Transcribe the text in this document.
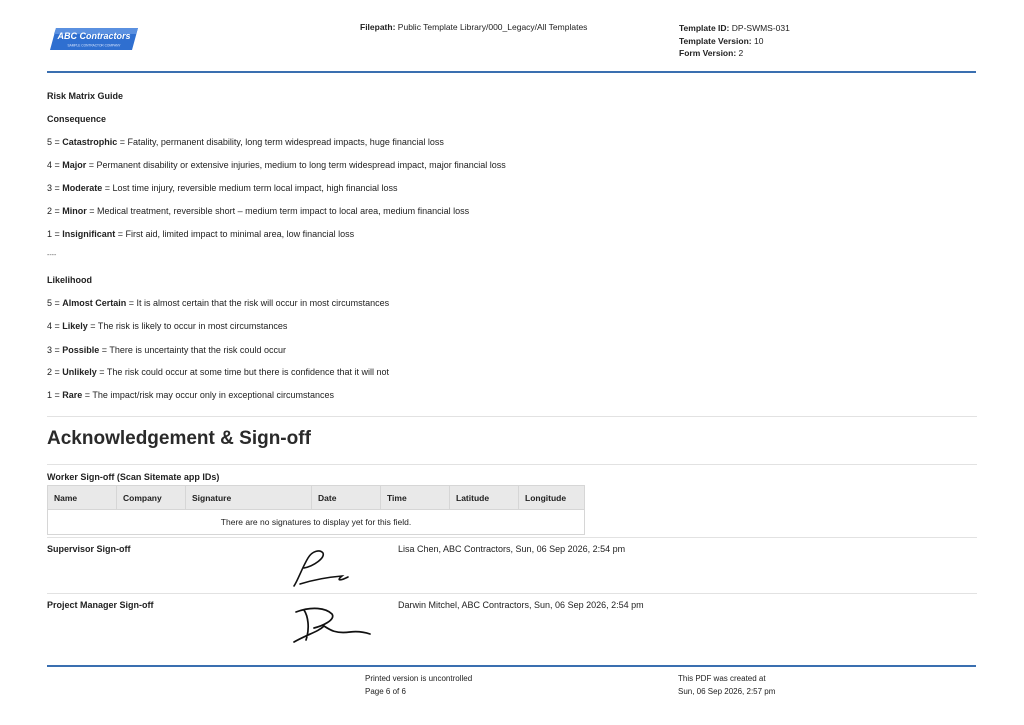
ABC Contractors
SAMPLE CONTRACTOR COMPANY
Filepath: Public Template Library/000_Legacy/All Templates	Template ID: DP-SWMS-031
Template Version: 10
Form Version: 2
Risk Matrix Guide
Consequence
5 = Catastrophic = Fatality, permanent disability, long term widespread impacts, huge financial loss
4 = Major = Permanent disability or extensive injuries, medium to long term widespread impact, major financial loss
3 = Moderate = Lost time injury, reversible medium term local impact, high financial loss
2 = Minor = Medical treatment, reversible short – medium term impact to local area, medium financial loss
1 = Insignificant = First aid, limited impact to minimal area, low financial loss
----
Likelihood
5 = Almost Certain = It is almost certain that the risk will occur in most circumstances
4 = Likely = The risk is likely to occur in most circumstances
3 = Possible = There is uncertainty that the risk could occur
2 = Unlikely = The risk could occur at some time but there is confidence that it will not
1 = Rare = The impact/risk may occur only in exceptional circumstances
Acknowledgement & Sign-off
Worker Sign-off (Scan Sitemate app IDs)
Name	Company	Signature	Date	Time	Latitude	Longitude
There are no signatures to display yet for this field.
Supervisor Sign-off	Lisa Chen, ABC Contractors, Sun, 06 Sep 2026, 2:54 pm
Project Manager Sign-off	Darwin Mitchel, ABC Contractors, Sun, 06 Sep 2026, 2:54 pm
Printed version is uncontrolled
Page 6 of 6
This PDF was created at
Sun, 06 Sep 2026, 2:57 pm
